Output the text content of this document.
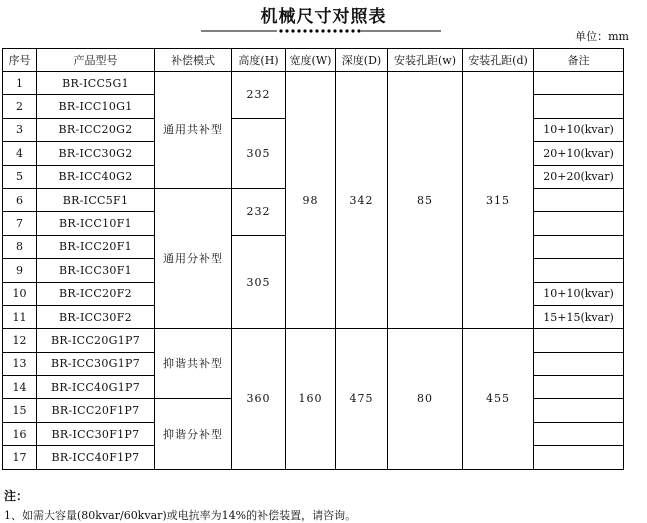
机械尺寸对照表
单位：mm
序号	产品型号	补偿模式	高度(H)	宽度(W)	深度(D)	安装孔距(w)	安装孔距(d)	备注
1	BR-ICC5G1	通用共补型	232	98	342	85	315	
2	BR-ICC10G1							
3	BR-ICC20G2		305					10+10(kvar)
4	BR-ICC30G2							20+10(kvar)
5	BR-ICC40G2							20+20(kvar)
6	BR-ICC5F1	通用分补型	232					
7	BR-ICC10F1							
8	BR-ICC20F1		305					
9	BR-ICC30F1							
10	BR-ICC20F2							10+10(kvar)
11	BR-ICC30F2							15+15(kvar)
12	BR-ICC20G1P7	抑谐共补型	360	160	475	80	455	
13	BR-ICC30G1P7							
14	BR-ICC40G1P7							
15	BR-ICC20F1P7	抑谐分补型						
16	BR-ICC30F1P7							
17	BR-ICC40F1P7							
注：
1、如需大容量(80kvar/60kvar)或电抗率为14%的补偿装置，请咨询。
